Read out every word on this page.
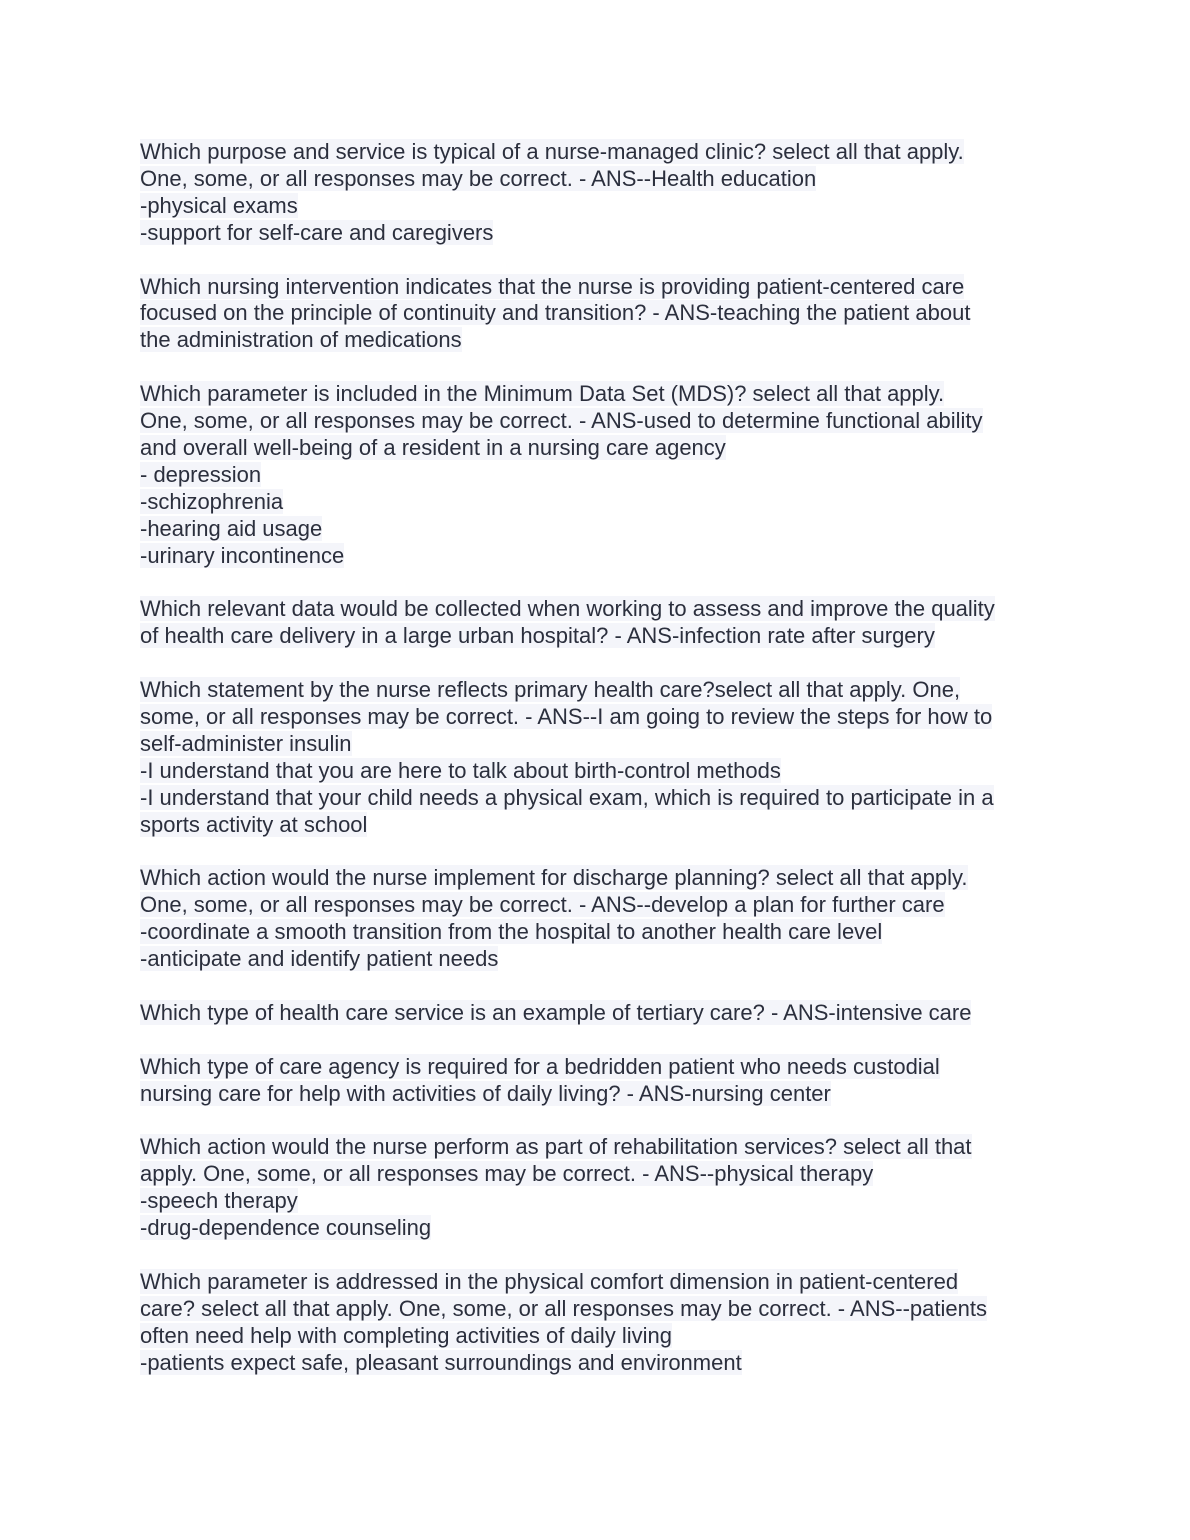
Which purpose and service is typical of a nurse-managed clinic? select all that apply.
One, some, or all responses may be correct. - ANS--Health education
-physical exams
-support for self-care and caregivers
Which nursing intervention indicates that the nurse is providing patient-centered care
focused on the principle of continuity and transition? - ANS-teaching the patient about
the administration of medications
Which parameter is included in the Minimum Data Set (MDS)? select all that apply.
One, some, or all responses may be correct. - ANS-used to determine functional ability
and overall well-being of a resident in a nursing care agency
- depression
-schizophrenia
-hearing aid usage
-urinary incontinence
Which relevant data would be collected when working to assess and improve the quality
of health care delivery in a large urban hospital? - ANS-infection rate after surgery
Which statement by the nurse reflects primary health care?select all that apply. One,
some, or all responses may be correct. - ANS--I am going to review the steps for how to
self-administer insulin
-I understand that you are here to talk about birth-control methods
-I understand that your child needs a physical exam, which is required to participate in a
sports activity at school
Which action would the nurse implement for discharge planning? select all that apply.
One, some, or all responses may be correct. - ANS--develop a plan for further care
-coordinate a smooth transition from the hospital to another health care level
-anticipate and identify patient needs
Which type of health care service is an example of tertiary care? - ANS-intensive care
Which type of care agency is required for a bedridden patient who needs custodial
nursing care for help with activities of daily living? - ANS-nursing center
Which action would the nurse perform as part of rehabilitation services? select all that
apply. One, some, or all responses may be correct. - ANS--physical therapy
-speech therapy
-drug-dependence counseling
Which parameter is addressed in the physical comfort dimension in patient-centered
care? select all that apply. One, some, or all responses may be correct. - ANS--patients
often need help with completing activities of daily living
-patients expect safe, pleasant surroundings and environment
